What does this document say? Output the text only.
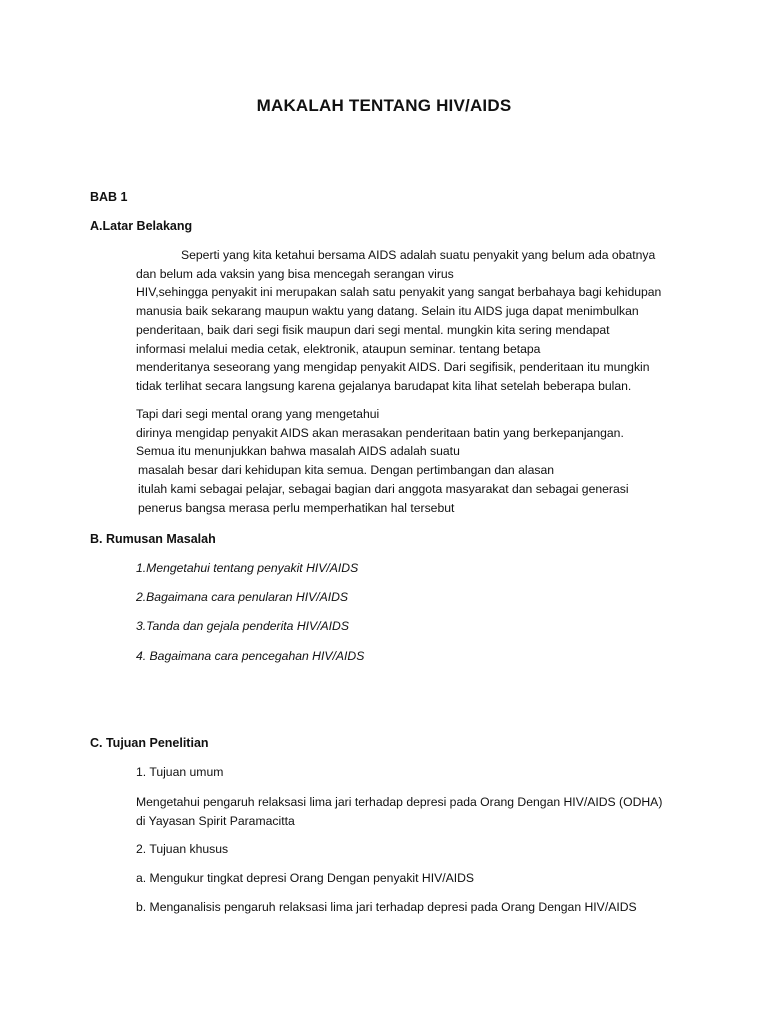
MAKALAH TENTANG HIV/AIDS
BAB 1
A.Latar Belakang
Seperti yang kita ketahui bersama AIDS adalah suatu penyakit yang belum ada obatnya
dan belum ada vaksin yang bisa mencegah serangan virus
HIV,sehingga penyakit ini merupakan salah satu penyakit yang sangat berbahaya bagi kehidupan
manusia baik sekarang maupun waktu yang datang. Selain itu AIDS juga dapat menimbulkan
penderitaan, baik dari segi fisik maupun dari segi mental. mungkin kita sering mendapat
informasi melalui media cetak, elektronik, ataupun seminar. tentang betapa
menderitanya seseorang yang mengidap penyakit AIDS. Dari segifisik, penderitaan itu mungkin
tidak terlihat secara langsung karena gejalanya barudapat kita lihat setelah beberapa bulan.
Tapi dari segi mental orang yang mengetahui
dirinya mengidap penyakit AIDS akan merasakan penderitaan batin yang berkepanjangan.
Semua itu menunjukkan bahwa masalah AIDS adalah suatu
masalah besar dari kehidupan kita semua. Dengan pertimbangan dan alasan
itulah kami sebagai pelajar, sebagai bagian dari anggota masyarakat dan sebagai generasi
penerus bangsa merasa perlu memperhatikan hal tersebut
B. Rumusan Masalah
1.Mengetahui tentang penyakit HIV/AIDS
2.Bagaimana cara penularan HIV/AIDS
3.Tanda dan gejala penderita HIV/AIDS
4. Bagaimana cara pencegahan HIV/AIDS
C. Tujuan Penelitian
1. Tujuan umum
Mengetahui pengaruh relaksasi lima jari terhadap depresi pada Orang Dengan HIV/AIDS (ODHA)
di Yayasan Spirit Paramacitta
2. Tujuan khusus
a. Mengukur tingkat depresi Orang Dengan penyakit HIV/AIDS
b. Menganalisis pengaruh relaksasi lima jari terhadap depresi pada Orang Dengan HIV/AIDS
